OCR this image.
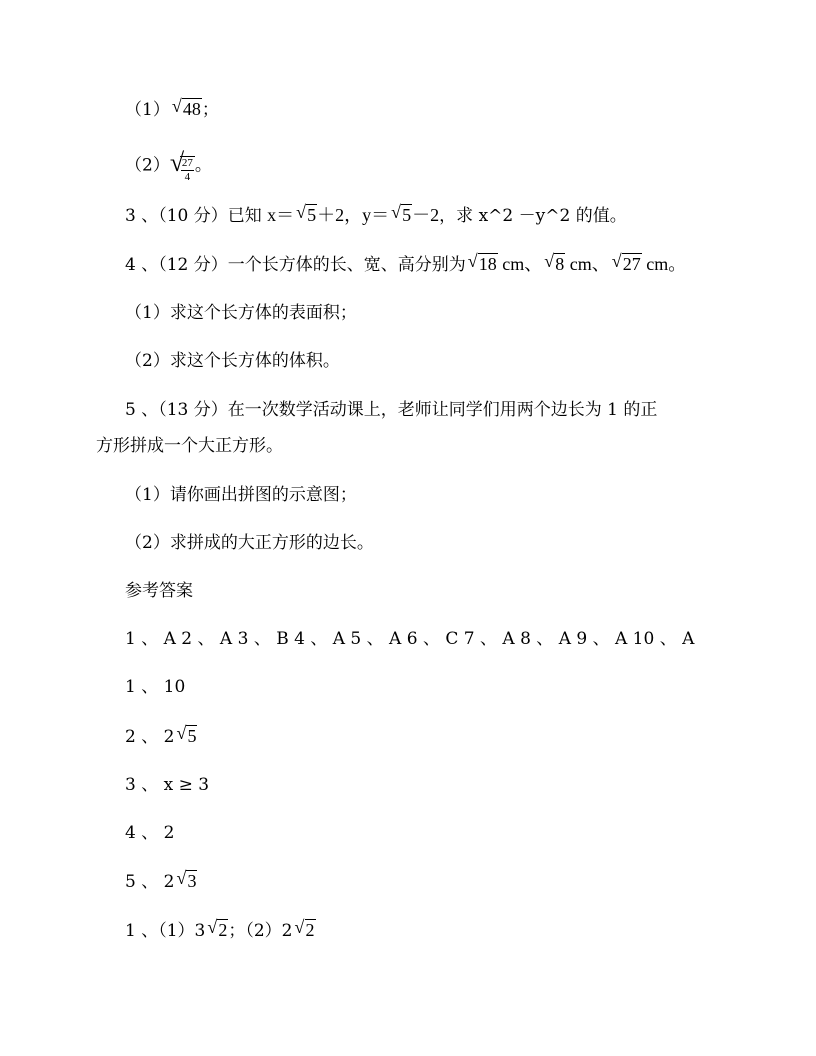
（1） √ 48；
（2） √
$\frac{27}{4}$ 。
3 、（10 分）已知 x＝ √ 5＋2，y＝ √ 5－2，求 x^2 －y^2 的值。
4 、（12 分）一个长方体的长、宽、高分别为 √ 18 cm、 √ 8 cm、 √ 27 cm。
（1）求这个长方体的表面积；
（2）求这个长方体的体积。
5 、（13 分）在一次数学活动课上，老师让同学们用两个边长为 1 的正
方形拼成一个大正方形。
（1）请你画出拼图的示意图；
（2）求拼成的大正方形的边长。
参考答案
1 、 A 2 、 A 3 、 B 4 、 A 5 、 A 6 、 C 7 、 A 8 、 A 9 、 A 10 、 A
1 、 10
2 、 2 √ 5
3 、 x ≥ 3
4 、 2
5 、 2 √ 3
1 、（1）3 √ 2；（2）2 √ 2
